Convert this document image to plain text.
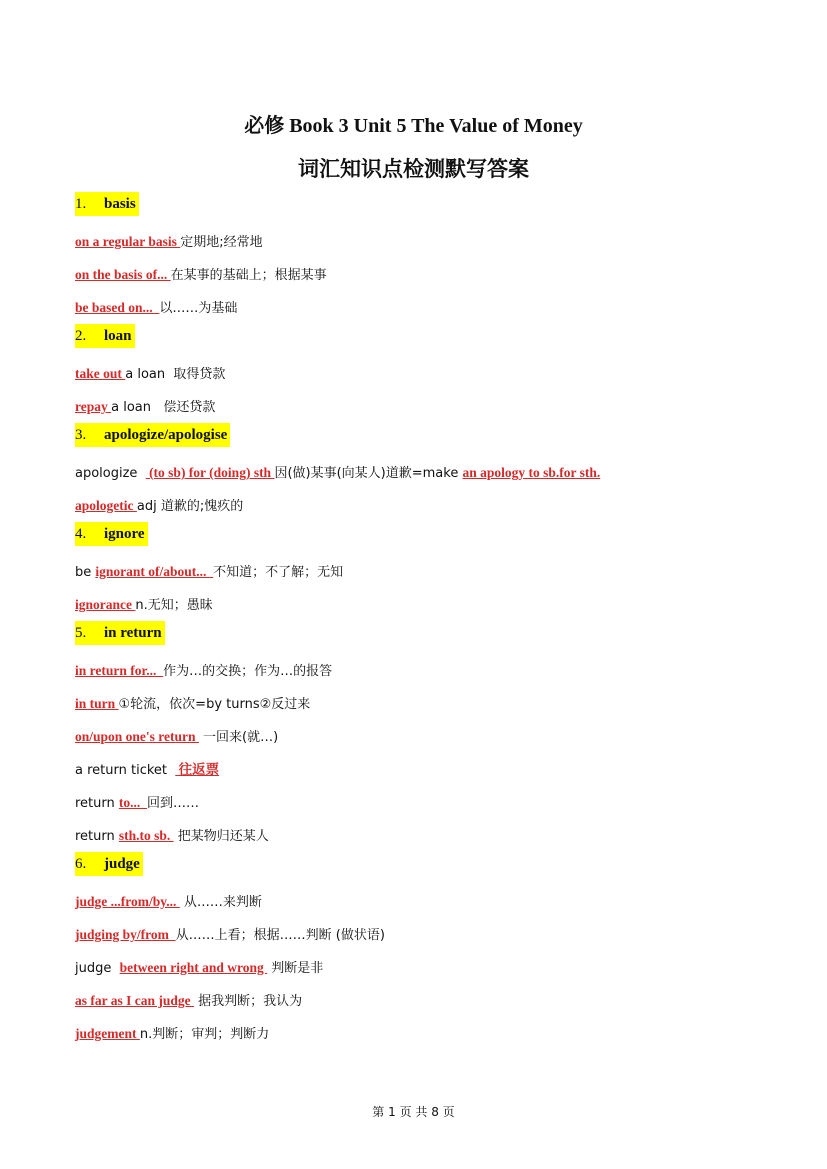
必修 Book 3 Unit 5 The Value of Money
词汇知识点检测默写答案
1. basis
on a regular basis 定期地;经常地
on the basis of... 在某事的基础上；根据某事
be based on...  以……为基础
2. loan
take out a loan  取得贷款
repay a loan   偿还贷款
3. apologize/apologise
apologize   (to sb) for (doing) sth 因(做)某事(向某人)道歉=make an apology to sb.for sth.
apologetic adj 道歉的;愧疚的
4. ignore
be ignorant of/about...  不知道；不了解；无知
ignorance n.无知；愚昧
5. in return
in return for...  作为…的交换；作为…的报答
in turn ①轮流，依次=by turns②反过来
on/upon one's return  一回来(就…)
a return ticket   往返票
return to...  回到……
return sth.to sb.  把某物归还某人
6. judge
judge ...from/by...  从……来判断
judging by/from  从……上看；根据……判断 (做状语)
judge  between right and wrong  判断是非
as far as I can judge  据我判断；我认为
judgement n.判断；审判；判断力
第 1 页 共 8 页
